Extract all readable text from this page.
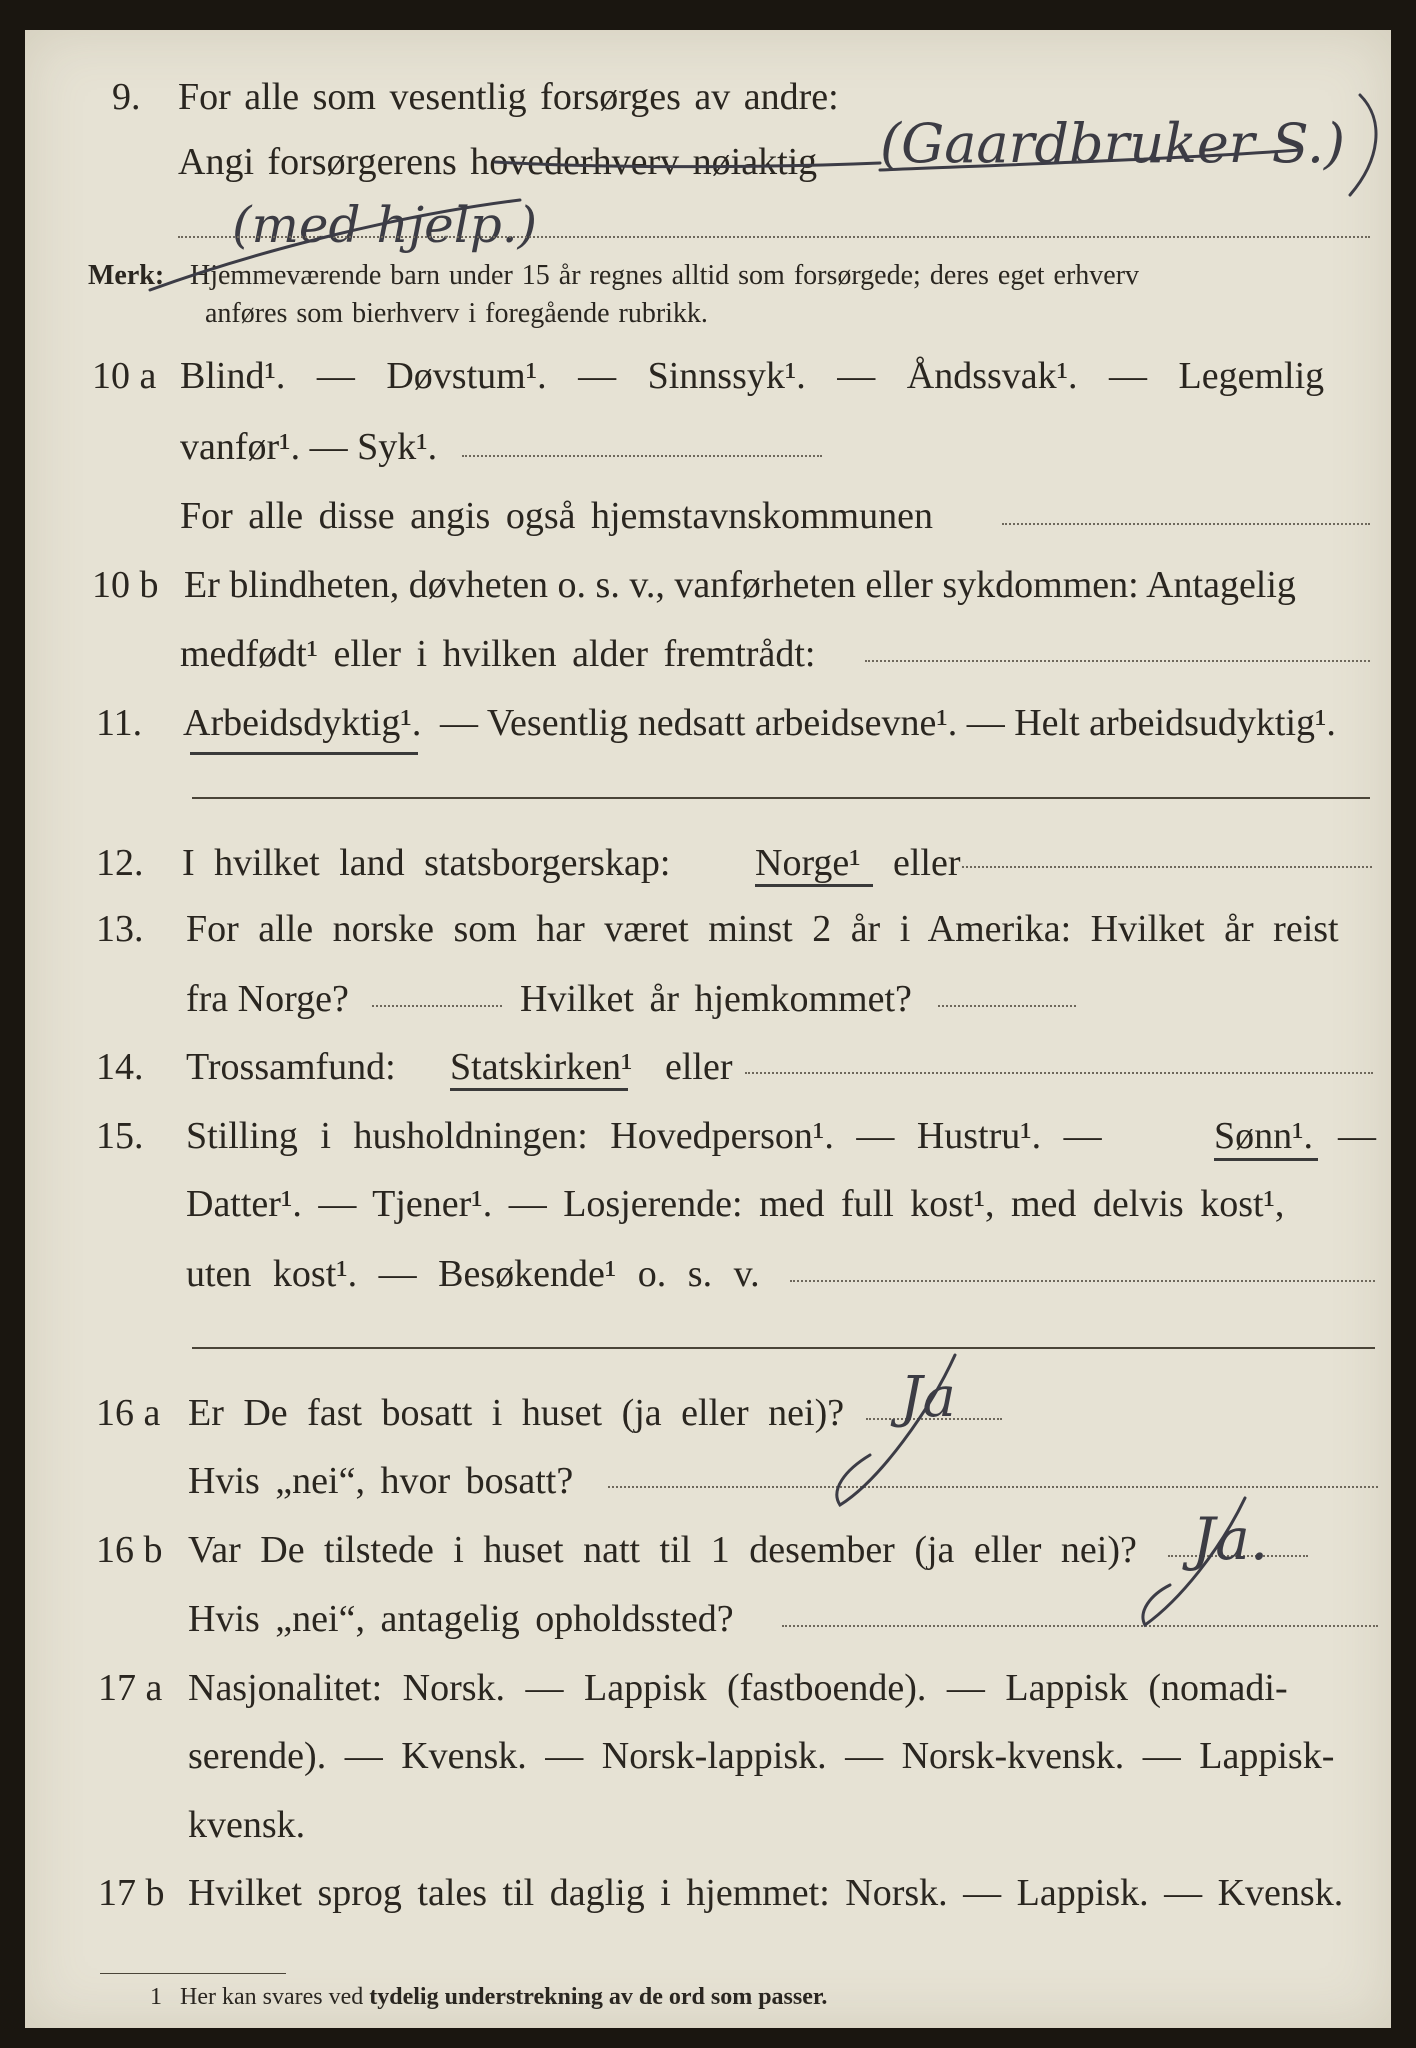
9. For alle som vesentlig forsørges av andre:
Angi forsørgerens hovederhverv nøiaktig (Gaardbruker S.)
(med hjelp.)
Merk: Hjemmeværende barn under 15 år regnes alltid som forsørgede; deres eget erhverv
anføres som bierhverv i foregående rubrikk.
10 a Blind¹. — Døvstum¹. — Sinnssyk¹. — Åndssvak¹. — Legemlig
vanfør¹. — Syk¹.
For alle disse angis også hjemstavnskommunen
10 b Er blindheten, døvheten o. s. v., vanførheten eller sykdommen: Antagelig
medfødt¹ eller i hvilken alder fremtrådt:
11. Arbeidsdyktig¹. — Vesentlig nedsatt arbeidsevne¹. — Helt arbeidsudyktig¹.
12. I hvilket land statsborgerskap: Norge¹ eller
13. For alle norske som har været minst 2 år i Amerika: Hvilket år reist
fra Norge?	Hvilket år hjemkommet?
14. Trossamfund: Statskirken¹ eller
15. Stilling i husholdningen: Hovedperson¹. — Hustru¹. —	Sønn¹. —
Datter¹. — Tjener¹. — Losjerende: med full kost¹, med delvis kost¹,
uten kost¹. — Besøkende¹ o. s. v.
16 a Er De fast bosatt i huset (ja eller nei)? Ja
Hvis „nei“, hvor bosatt?
16 b Var De tilstede i huset natt til 1 desember (ja eller nei)? Ja.
Hvis „nei“, antagelig opholdssted?
17 a Nasjonalitet: Norsk. — Lappisk (fastboende). — Lappisk (nomadi-
serende). — Kvensk. — Norsk-lappisk. — Norsk-kvensk. — Lappisk-
kvensk.
17 b Hvilket sprog tales til daglig i hjemmet: Norsk. — Lappisk. — Kvensk.
1 Her kan svares ved tydelig understrekning av de ord som passer.
